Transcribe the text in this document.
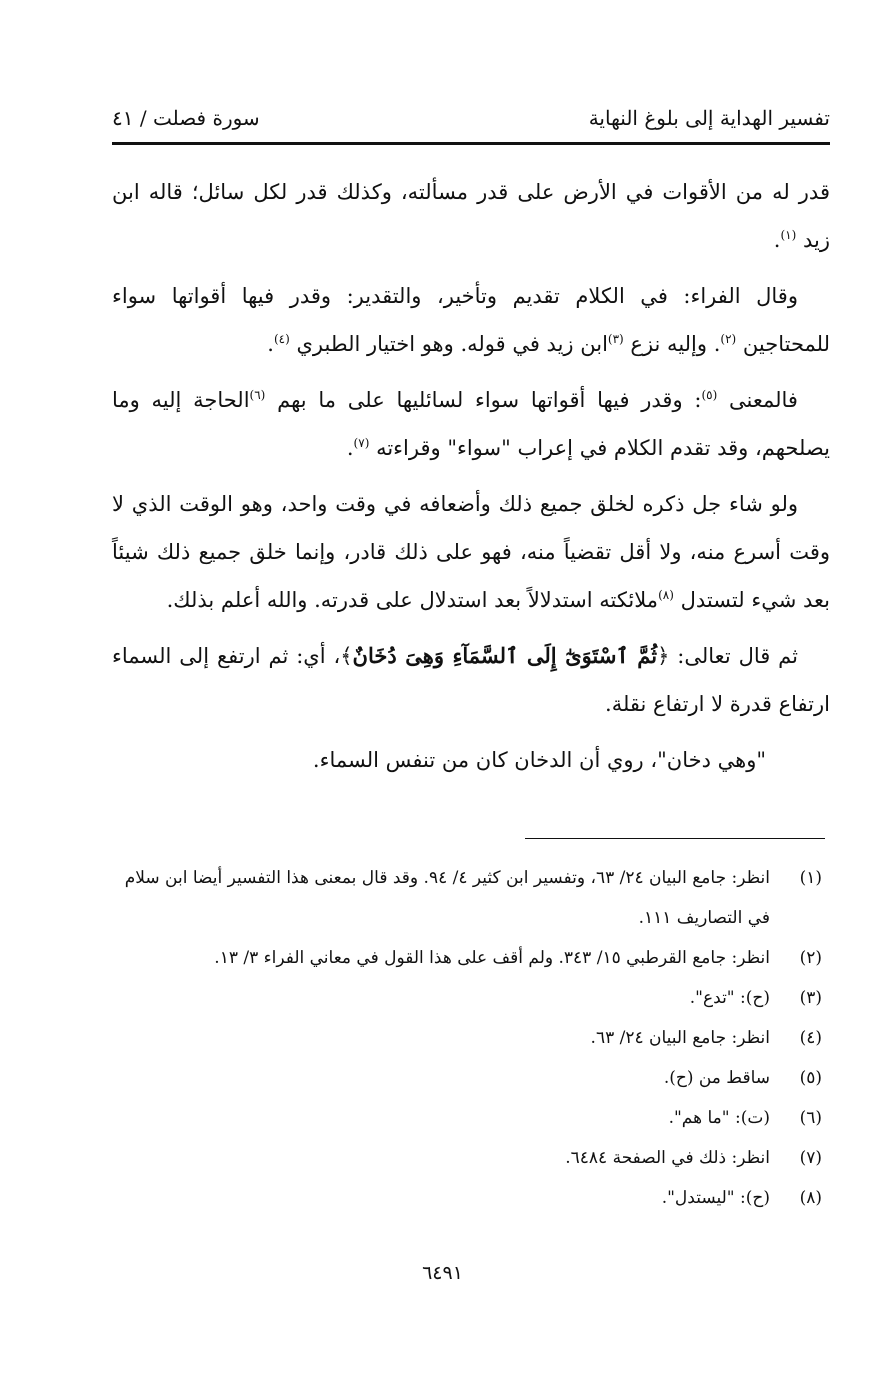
تفسير الهداية إلى بلوغ النهاية
سورة فصلت / ٤١

قدر له من الأقوات في الأرض على قدر مسألته، وكذلك قدر لكل سائل؛ قاله ابن زيد $^{(١)}$.

وقال الفراء: في الكلام تقديم وتأخير، والتقدير: وقدر فيها أقواتها سواء للمحتاجين $^{(٢)}$. وإليه نزع $^{(٣)}$ابن زيد في قوله. وهو اختيار الطبري $^{(٤)}$.

فالمعنى $^{(٥)}$: وقدر فيها أقواتها سواء لسائليها على ما بهم $^{(٦)}$الحاجة إليه وما يصلحهم، وقد تقدم الكلام في إعراب "سواء" وقراءته $^{(٧)}$.

ولو شاء جل ذكره لخلق جميع ذلك وأضعافه في وقت واحد، وهو الوقت الذي لا وقت أسرع منه، ولا أقل تقضياً منه، فهو على ذلك قادر، وإنما خلق جميع ذلك شيئاً بعد شيء لتستدل $^{(٨)}$ملائكته استدلالاً بعد استدلال على قدرته. والله أعلم بذلك.

ثم قال تعالى: ﴿ثُمَّ ٱسْتَوَىٰٓ إِلَى ٱلسَّمَآءِ وَهِىَ دُخَانٌ﴾، أي: ثم ارتفع إلى السماء ارتفاع قدرة لا ارتفاع نقلة.

"وهي دخان"، روي أن الدخان كان من تنفس السماء.

(١)
انظر: جامع البيان ٢٤/ ٦٣، وتفسير ابن كثير ٤/ ٩٤. وقد قال بمعنى هذا التفسير أيضا ابن سلام في التصاريف ١١١.
(٢)
انظر: جامع القرطبي ١٥/ ٣٤٣. ولم أقف على هذا القول في معاني الفراء ٣/ ١٣.
(٣)
(ح): "تدع".
(٤)
انظر: جامع البيان ٢٤/ ٦٣.
(٥)
ساقط من (ح).
(٦)
(ت): "ما هم".
(٧)
انظر: ذلك في الصفحة ٦٤٨٤.
(٨)
(ح): "ليستدل".
٦٤٩١
